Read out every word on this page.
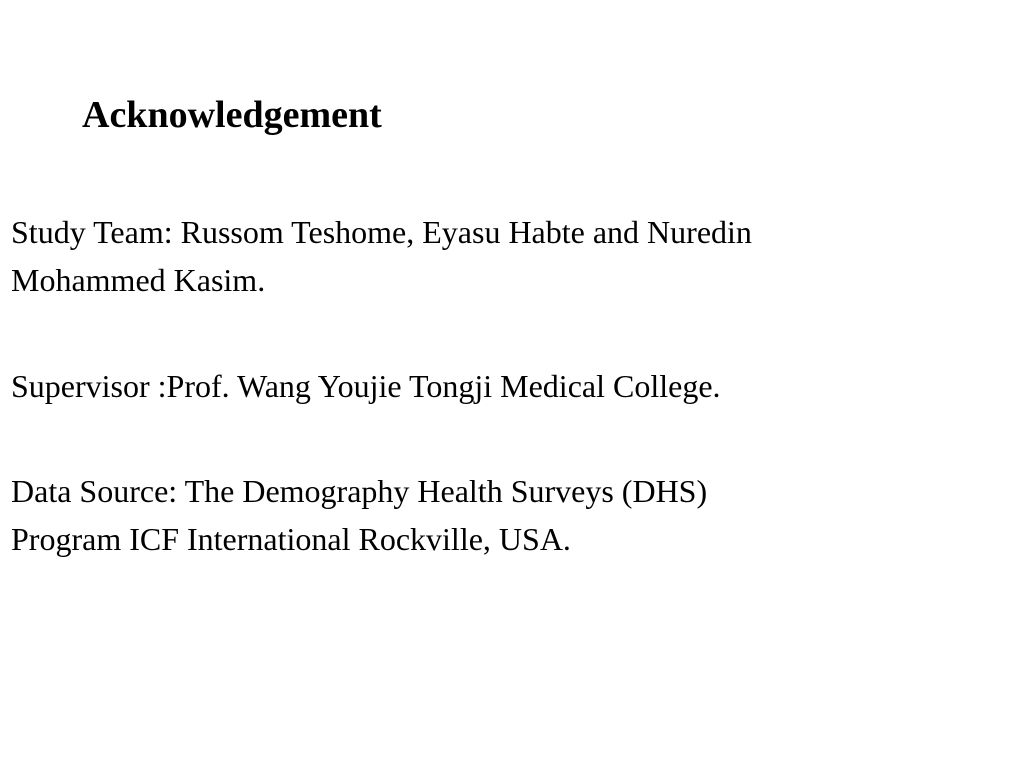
Acknowledgement

Study Team: Russom Teshome, Eyasu Habte and Nuredin
Mohammed Kasim.

Supervisor :Prof. Wang Youjie Tongji Medical College.

Data Source: The Demography Health Surveys (DHS)
Program ICF International Rockville, USA.
